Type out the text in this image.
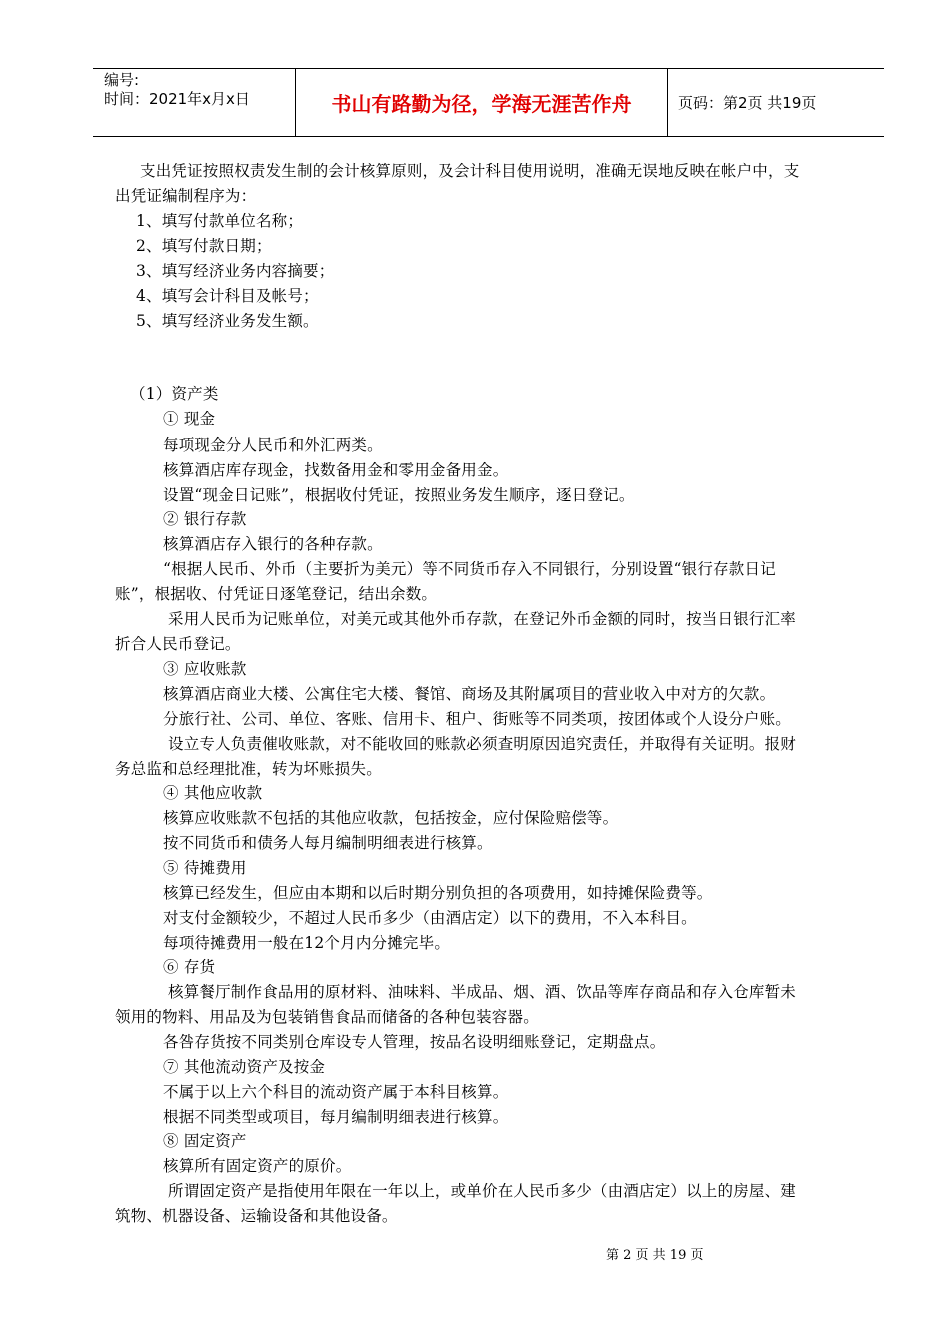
编号:
时间：2021年x月x日	书山有路勤为径，学海无涯苦作舟	页码：第2页 共19页
支出凭证按照权责发生制的会计核算原则，及会计科目使用说明，准确无误地反映在帐户中，支
出凭证编制程序为：
1、填写付款单位名称；
2、填写付款日期；
3、填写经济业务内容摘要；
4、填写会计科目及帐号；
5、填写经济业务发生额。
（1）资产类
① 现金
每项现金分人民币和外汇两类。
核算酒店库存现金，找数备用金和零用金备用金。
设置“现金日记账”，根据收付凭证，按照业务发生顺序，逐日登记。
② 银行存款
核算酒店存入银行的各种存款。
“根据人民币、外币（主要折为美元）等不同货币存入不同银行，分别设置“银行存款日记
账”，根据收、付凭证日逐笔登记，结出余数。
采用人民币为记账单位，对美元或其他外币存款，在登记外币金额的同时，按当日银行汇率
折合人民币登记。
③ 应收账款
核算酒店商业大楼、公寓住宅大楼、餐馆、商场及其附属项目的营业收入中对方的欠款。
分旅行社、公司、单位、客账、信用卡、租户、街账等不同类项，按团体或个人设分户账。
设立专人负责催收账款，对不能收回的账款必须查明原因追究责任，并取得有关证明。报财
务总监和总经理批准，转为坏账损失。
④ 其他应收款
核算应收账款不包括的其他应收款，包括按金，应付保险赔偿等。
按不同货币和债务人每月编制明细表进行核算。
⑤ 待摊费用
核算已经发生，但应由本期和以后时期分别负担的各项费用，如持摊保险费等。
对支付金额较少，不超过人民币多少（由酒店定）以下的费用，不入本科目。
每项待摊费用一般在12个月内分摊完毕。
⑥ 存货
核算餐厅制作食品用的原材料、油味料、半成品、烟、酒、饮品等库存商品和存入仓库暂未
领用的物料、用品及为包装销售食品而储备的各种包装容器。
各咎存货按不同类别仓库设专人管理，按品名设明细账登记，定期盘点。
⑦ 其他流动资产及按金
不属于以上六个科目的流动资产属于本科目核算。
根据不同类型或项目，每月编制明细表进行核算。
⑧ 固定资产
核算所有固定资产的原价。
所谓固定资产是指使用年限在一年以上，或单价在人民币多少（由酒店定）以上的房屋、建
筑物、机器设备、运输设备和其他设备。
第 2 页 共 19 页
